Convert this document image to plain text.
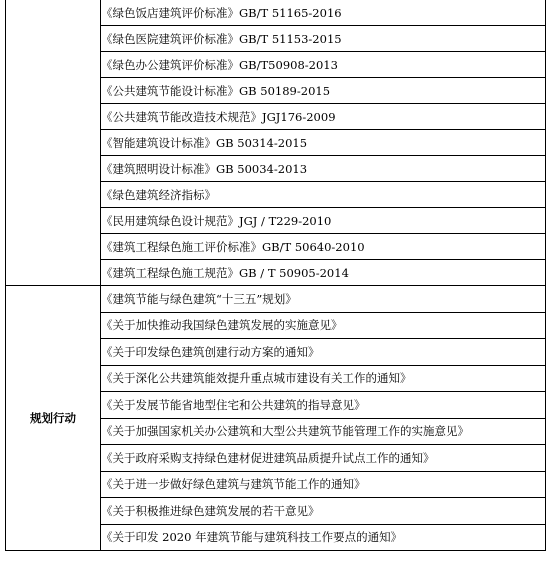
	《绿色饭店建筑评价标准》GB/T 51165-2016
	《绿色医院建筑评价标准》GB/T 51153-2015
	《绿色办公建筑评价标准》GB/T50908-2013
	《公共建筑节能设计标准》GB 50189-2015
	《公共建筑节能改造技术规范》JGJ176-2009
	《智能建筑设计标准》GB 50314-2015
	《建筑照明设计标准》GB 50034-2013
	《绿色建筑经济指标》
	《民用建筑绿色设计规范》JGJ / T229-2010
	《建筑工程绿色施工评价标准》GB/T 50640-2010
	《建筑工程绿色施工规范》GB / T 50905-2014
规划行动	《建筑节能与绿色建筑“十三五”规划》
	《关于加快推动我国绿色建筑发展的实施意见》
	《关于印发绿色建筑创建行动方案的通知》
	《关于深化公共建筑能效提升重点城市建设有关工作的通知》
	《关于发展节能省地型住宅和公共建筑的指导意见》
	《关于加强国家机关办公建筑和大型公共建筑节能管理工作的实施意见》
	《关于政府采购支持绿色建材促进建筑品质提升试点工作的通知》
	《关于进一步做好绿色建筑与建筑节能工作的通知》
	《关于积极推进绿色建筑发展的若干意见》
	《关于印发 2020 年建筑节能与建筑科技工作要点的通知》
